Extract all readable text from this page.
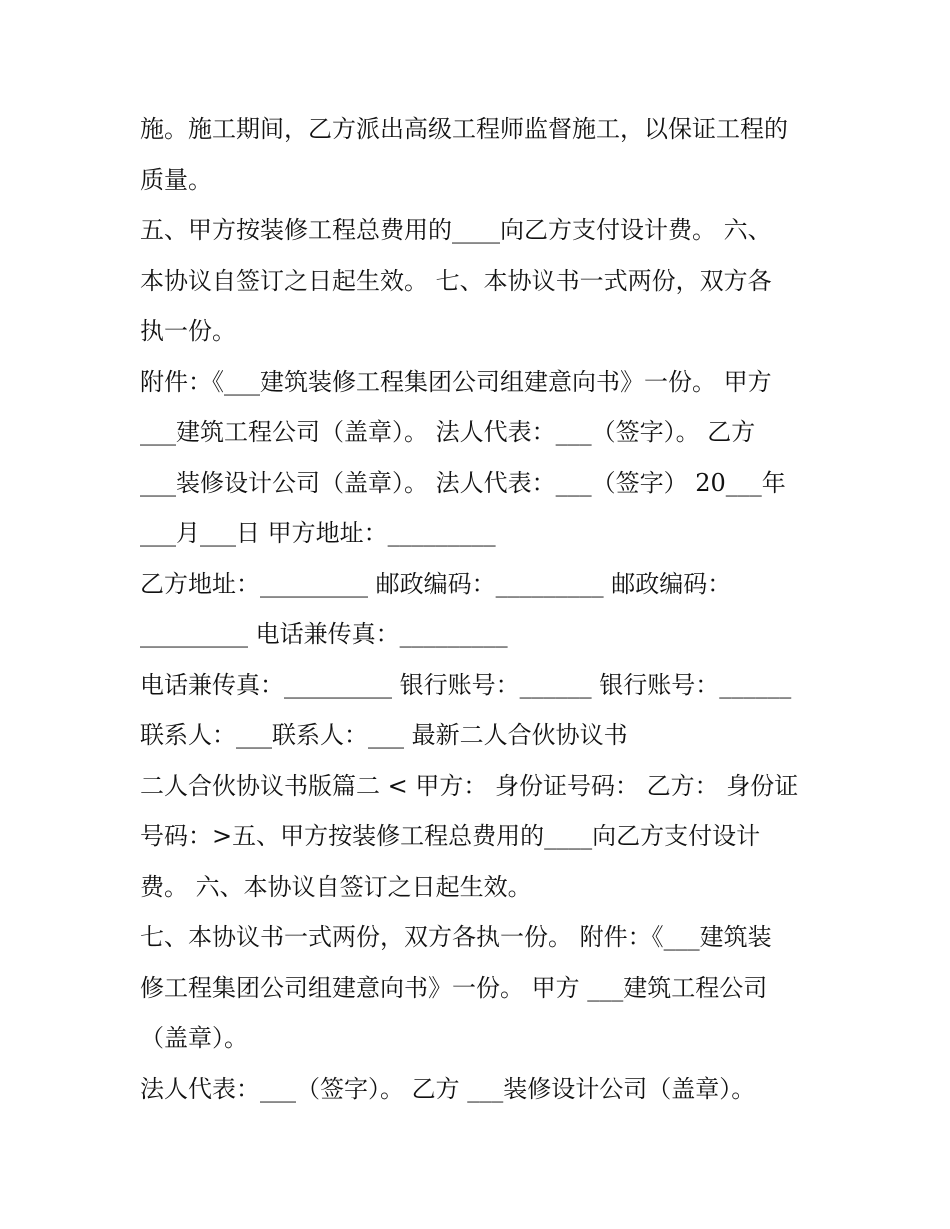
施。施工期间，乙方派出高级工程师监督施工，以保证工程的
质量。
五、甲方按装修工程总费用的____向乙方支付设计费。 六、
本协议自签订之日起生效。 七、本协议书一式两份，双方各
执一份。
附件：《___建筑装修工程集团公司组建意向书》一份。 甲方
___建筑工程公司（盖章）。 法人代表：___（签字）。 乙方
___装修设计公司（盖章）。 法人代表：___（签字） 20___年
___月___日 甲方地址：_________
乙方地址：_________ 邮政编码：_________ 邮政编码：
_________ 电话兼传真：_________
电话兼传真：_________ 银行账号：______ 银行账号：______
联系人：___联系人：___ 最新二人合伙协议书
二人合伙协议书版篇二 < 甲方： 身份证号码： 乙方： 身份证
号码：>五、甲方按装修工程总费用的____向乙方支付设计
费。 六、本协议自签订之日起生效。
七、本协议书一式两份，双方各执一份。 附件：《___建筑装
修工程集团公司组建意向书》一份。 甲方 ___建筑工程公司
（盖章）。
法人代表：___（签字）。 乙方 ___装修设计公司（盖章）。
